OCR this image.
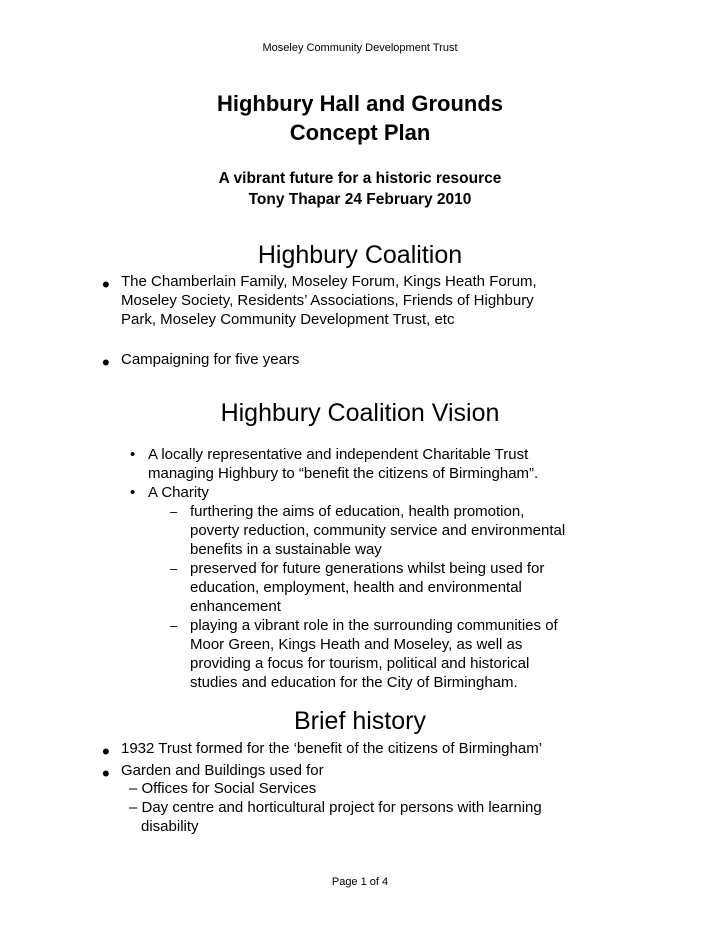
Moseley Community Development Trust
Highbury Hall and Grounds
Concept Plan
A vibrant future for a historic resource
Tony Thapar 24 February 2010
Highbury Coalition
• The Chamberlain Family, Moseley Forum, Kings Heath Forum,
Moseley Society, Residents’ Associations, Friends of Highbury
Park, Moseley Community Development Trust, etc
• Campaigning for five years
Highbury Coalition Vision
• A locally representative and independent Charitable Trust
managing Highbury to “benefit the citizens of Birmingham”.
• A Charity
– furthering the aims of education, health promotion,
poverty reduction, community service and environmental
benefits in a sustainable way
– preserved for future generations whilst being used for
education, employment, health and environmental
enhancement
– playing a vibrant role in the surrounding communities of
Moor Green, Kings Heath and Moseley, as well as
providing a focus for tourism, political and historical
studies and education for the City of Birmingham.
Brief history
• 1932 Trust formed for the ‘benefit of the citizens of Birmingham’
• Garden and Buildings used for
– Offices for Social Services
– Day centre and horticultural project for persons with learning
disability
Page 1 of 4
